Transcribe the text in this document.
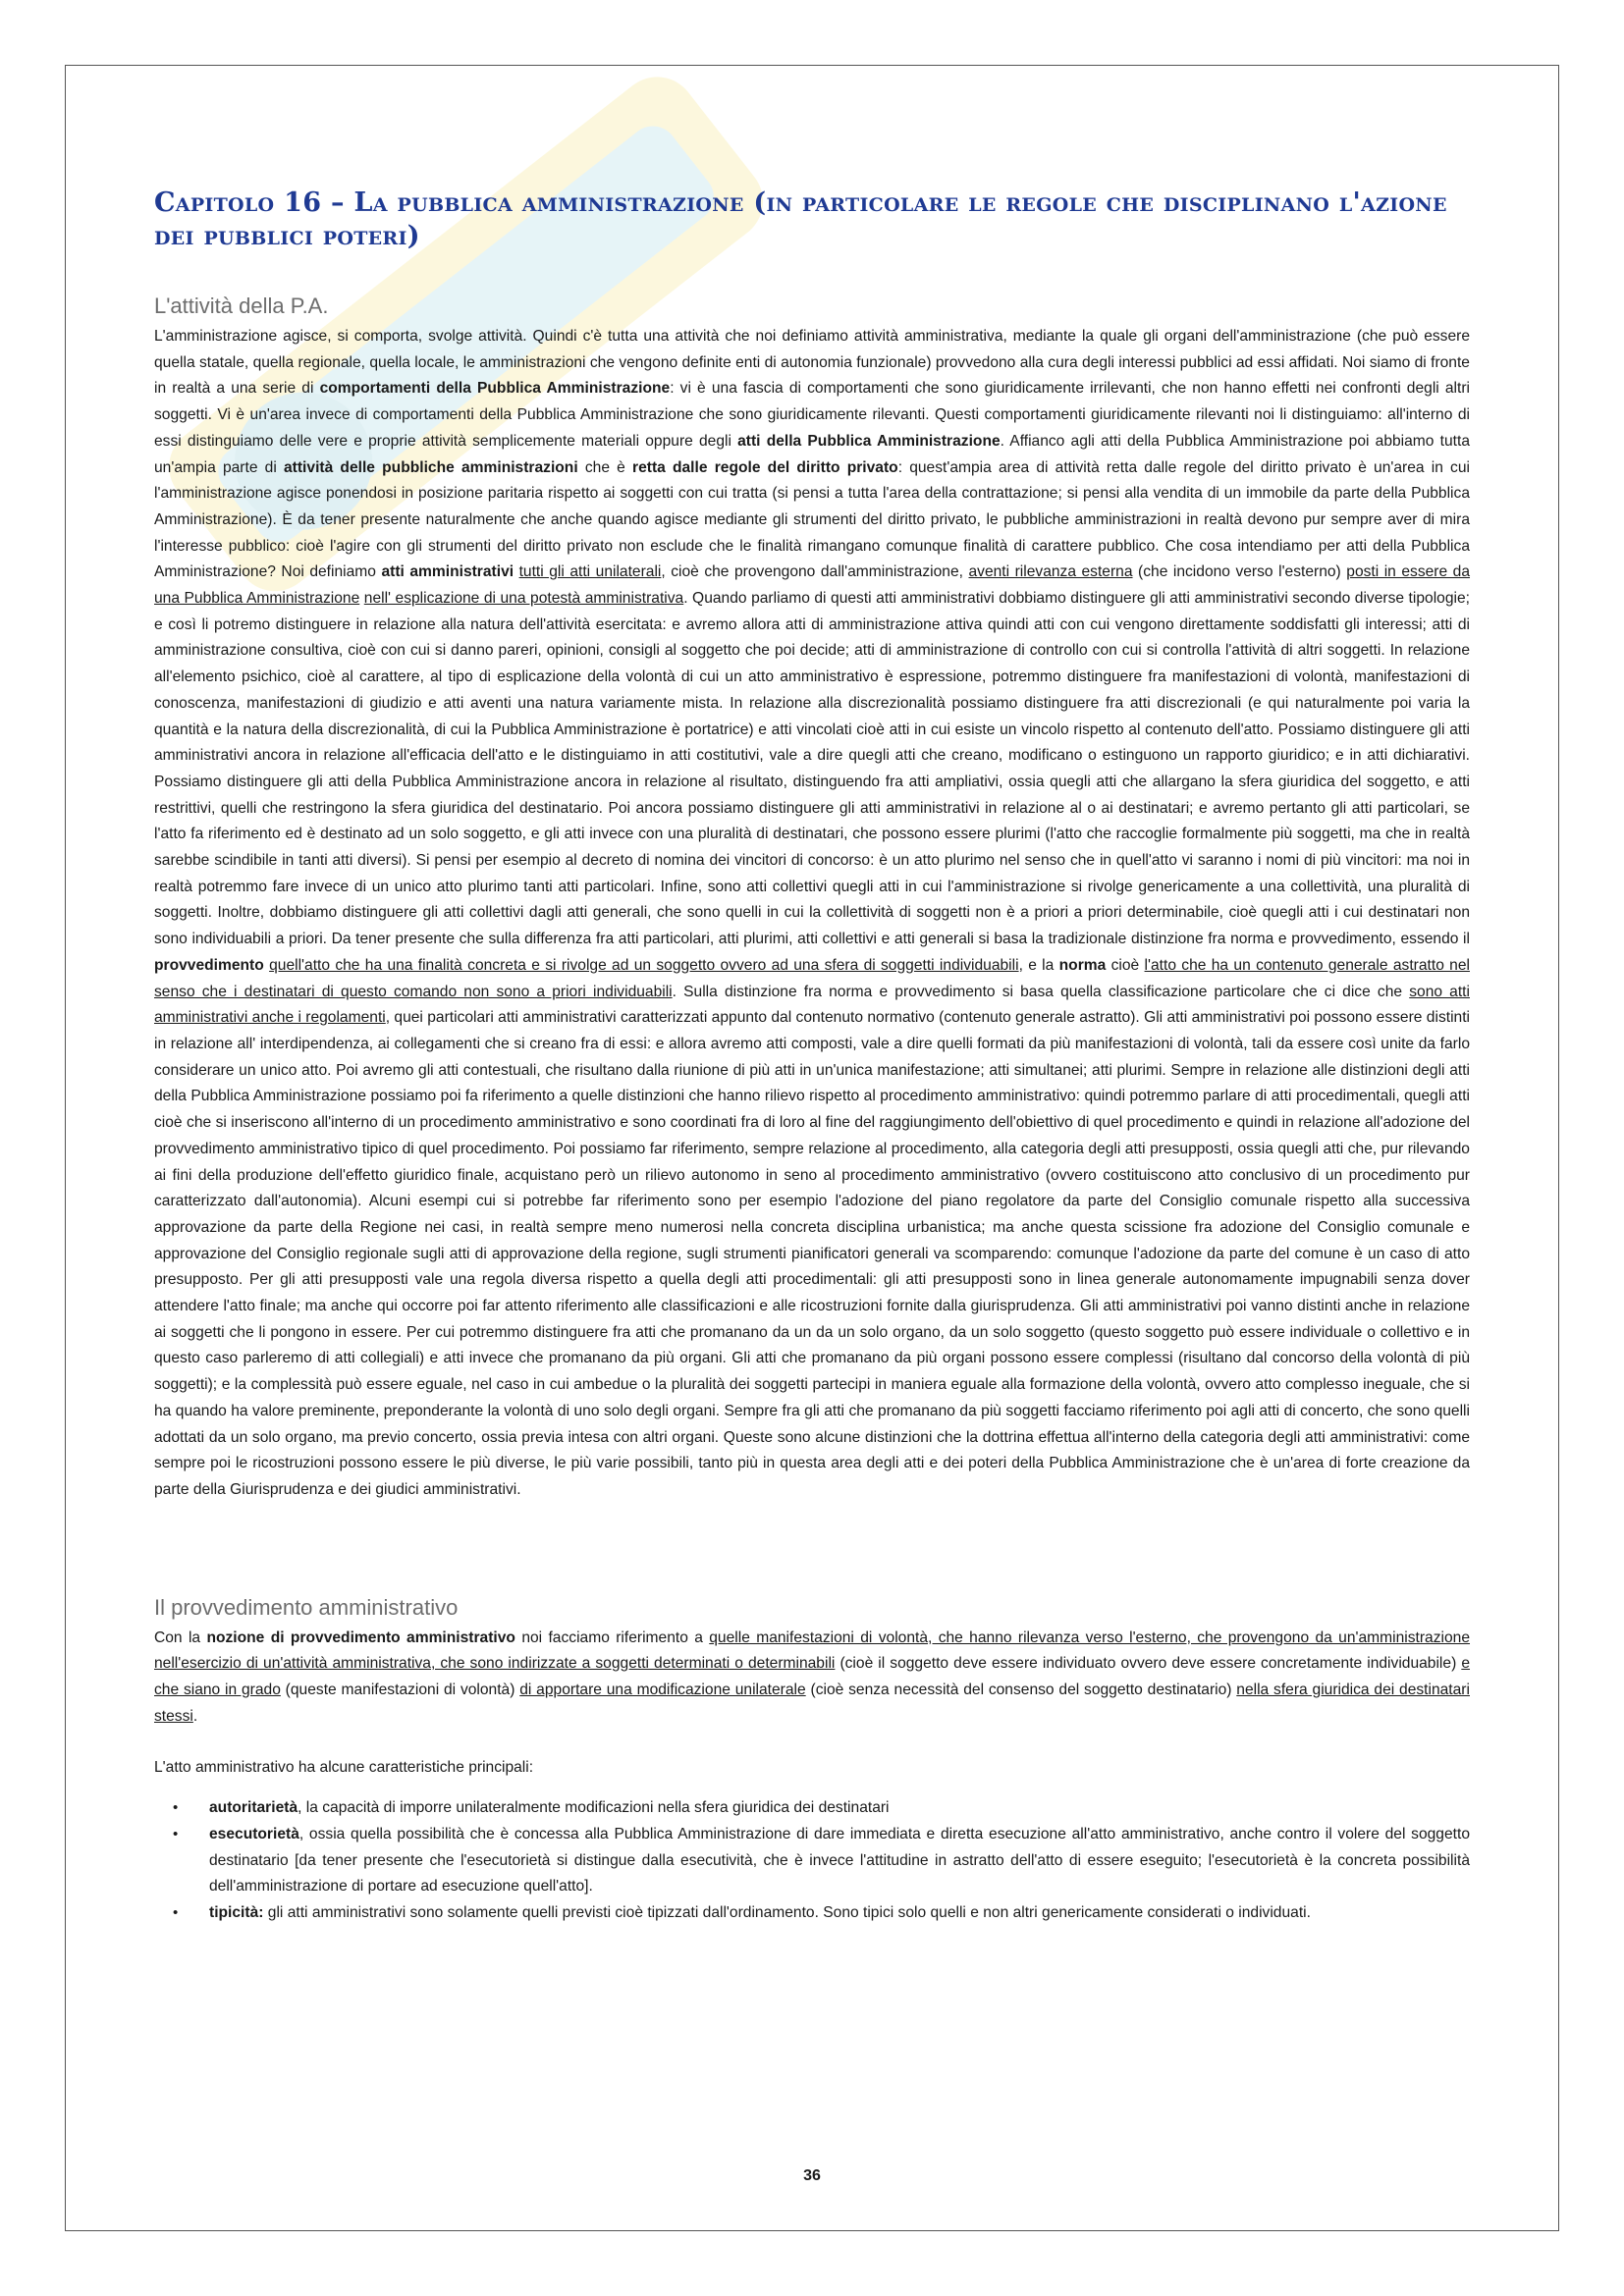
Capitolo 16 – La pubblica amministrazione (in particolare le regole che disciplinano l'azione dei pubblici poteri)
L'attività della P.A.

L'amministrazione agisce, si comporta, svolge attività. Quindi c'è tutta una attività che noi definiamo attività amministrativa, mediante la quale gli organi dell'amministrazione (che può essere quella statale, quella regionale, quella locale, le amministrazioni che vengono definite enti di autonomia funzionale) provvedono alla cura degli interessi pubblici ad essi affidati. Noi siamo di fronte in realtà a una serie di comportamenti della Pubblica Amministrazione: vi è una fascia di comportamenti che sono giuridicamente irrilevanti, che non hanno effetti nei confronti degli altri soggetti. Vi è un'area invece di comportamenti della Pubblica Amministrazione che sono giuridicamente rilevanti. Questi comportamenti giuridicamente rilevanti noi li distinguiamo: all'interno di essi distinguiamo delle vere e proprie attività semplicemente materiali oppure degli atti della Pubblica Amministrazione. Affianco agli atti della Pubblica Amministrazione poi abbiamo tutta un'ampia parte di attività delle pubbliche amministrazioni che è retta dalle regole del diritto privato: quest'ampia area di attività retta dalle regole del diritto privato è un'area in cui l'amministrazione agisce ponendosi in posizione paritaria rispetto ai soggetti con cui tratta (si pensi a tutta l'area della contrattazione; si pensi alla vendita di un immobile da parte della Pubblica Amministrazione). È da tener presente naturalmente che anche quando agisce mediante gli strumenti del diritto privato, le pubbliche amministrazioni in realtà devono pur sempre aver di mira l'interesse pubblico: cioè l'agire con gli strumenti del diritto privato non esclude che le finalità rimangano comunque finalità di carattere pubblico. Che cosa intendiamo per atti della Pubblica Amministrazione? Noi definiamo atti amministrativi tutti gli atti unilaterali, cioè che provengono dall'amministrazione, aventi rilevanza esterna (che incidono verso l'esterno) posti in essere da una Pubblica Amministrazione nell' esplicazione di una potestà amministrativa. Quando parliamo di questi atti amministrativi dobbiamo distinguere gli atti amministrativi secondo diverse tipologie; e così li potremo distinguere in relazione alla natura dell'attività esercitata: e avremo allora atti di amministrazione attiva quindi atti con cui vengono direttamente soddisfatti gli interessi; atti di amministrazione consultiva, cioè con cui si danno pareri, opinioni, consigli al soggetto che poi decide; atti di amministrazione di controllo con cui si controlla l'attività di altri soggetti. In relazione all'elemento psichico, cioè al carattere, al tipo di esplicazione della volontà di cui un atto amministrativo è espressione, potremmo distinguere fra manifestazioni di volontà, manifestazioni di conoscenza, manifestazioni di giudizio e atti aventi una natura variamente mista. In relazione alla discrezionalità possiamo distinguere fra atti discrezionali (e qui naturalmente poi varia la quantità e la natura della discrezionalità, di cui la Pubblica Amministrazione è portatrice) e atti vincolati cioè atti in cui esiste un vincolo rispetto al contenuto dell'atto. Possiamo distinguere gli atti amministrativi ancora in relazione all'efficacia dell'atto e le distinguiamo in atti costitutivi, vale a dire quegli atti che creano, modificano o estinguono un rapporto giuridico; e in atti dichiarativi. Possiamo distinguere gli atti della Pubblica Amministrazione ancora in relazione al risultato, distinguendo fra atti ampliativi, ossia quegli atti che allargano la sfera giuridica del soggetto, e atti restrittivi, quelli che restringono la sfera giuridica del destinatario. Poi ancora possiamo distinguere gli atti amministrativi in relazione al o ai destinatari; e avremo pertanto gli atti particolari, se l'atto fa riferimento ed è destinato ad un solo soggetto, e gli atti invece con una pluralità di destinatari, che possono essere plurimi (l'atto che raccoglie formalmente più soggetti, ma che in realtà sarebbe scindibile in tanti atti diversi). Si pensi per esempio al decreto di nomina dei vincitori di concorso: è un atto plurimo nel senso che in quell'atto vi saranno i nomi di più vincitori: ma noi in realtà potremmo fare invece di un unico atto plurimo tanti atti particolari. Infine, sono atti collettivi quegli atti in cui l'amministrazione si rivolge genericamente a una collettività, una pluralità di soggetti. Inoltre, dobbiamo distinguere gli atti collettivi dagli atti generali, che sono quelli in cui la collettività di soggetti non è a priori a priori determinabile, cioè quegli atti i cui destinatari non sono individuabili a priori. Da tener presente che sulla differenza fra atti particolari, atti plurimi, atti collettivi e atti generali si basa la tradizionale distinzione fra norma e provvedimento, essendo il provvedimento quell'atto che ha una finalità concreta e si rivolge ad un soggetto ovvero ad una sfera di soggetti individuabili, e la norma cioè l'atto che ha un contenuto generale astratto nel senso che i destinatari di questo comando non sono a priori individuabili. Sulla distinzione fra norma e provvedimento si basa quella classificazione particolare che ci dice che sono atti amministrativi anche i regolamenti, quei particolari atti amministrativi caratterizzati appunto dal contenuto normativo (contenuto generale astratto). Gli atti amministrativi poi possono essere distinti in relazione all' interdipendenza, ai collegamenti che si creano fra di essi: e allora avremo atti composti, vale a dire quelli formati da più manifestazioni di volontà, tali da essere così unite da farlo considerare un unico atto. Poi avremo gli atti contestuali, che risultano dalla riunione di più atti in un'unica manifestazione; atti simultanei; atti plurimi. Sempre in relazione alle distinzioni degli atti della Pubblica Amministrazione possiamo poi fa riferimento a quelle distinzioni che hanno rilievo rispetto al procedimento amministrativo: quindi potremmo parlare di atti procedimentali, quegli atti cioè che si inseriscono all'interno di un procedimento amministrativo e sono coordinati fra di loro al fine del raggiungimento dell'obiettivo di quel procedimento e quindi in relazione all'adozione del provvedimento amministrativo tipico di quel procedimento. Poi possiamo far riferimento, sempre relazione al procedimento, alla categoria degli atti presupposti, ossia quegli atti che, pur rilevando ai fini della produzione dell'effetto giuridico finale, acquistano però un rilievo autonomo in seno al procedimento amministrativo (ovvero costituiscono atto conclusivo di un procedimento pur caratterizzato dall'autonomia). Alcuni esempi cui si potrebbe far riferimento sono per esempio l'adozione del piano regolatore da parte del Consiglio comunale rispetto alla successiva approvazione da parte della Regione nei casi, in realtà sempre meno numerosi nella concreta disciplina urbanistica; ma anche questa scissione fra adozione del Consiglio comunale e approvazione del Consiglio regionale sugli atti di approvazione della regione, sugli strumenti pianificatori generali va scomparendo: comunque l'adozione da parte del comune è un caso di atto presupposto. Per gli atti presupposti vale una regola diversa rispetto a quella degli atti procedimentali: gli atti presupposti sono in linea generale autonomamente impugnabili senza dover attendere l'atto finale; ma anche qui occorre poi far attento riferimento alle classificazioni e alle ricostruzioni fornite dalla giurisprudenza. Gli atti amministrativi poi vanno distinti anche in relazione ai soggetti che li pongono in essere. Per cui potremmo distinguere fra atti che promanano da un da un solo organo, da un solo soggetto (questo soggetto può essere individuale o collettivo e in questo caso parleremo di atti collegiali) e atti invece che promanano da più organi. Gli atti che promanano da più organi possono essere complessi (risultano dal concorso della volontà di più soggetti); e la complessità può essere eguale, nel caso in cui ambedue o la pluralità dei soggetti partecipi in maniera eguale alla formazione della volontà, ovvero atto complesso ineguale, che si ha quando ha valore preminente, preponderante la volontà di uno solo degli organi. Sempre fra gli atti che promanano da più soggetti facciamo riferimento poi agli atti di concerto, che sono quelli adottati da un solo organo, ma previo concerto, ossia previa intesa con altri organi. Queste sono alcune distinzioni che la dottrina effettua all'interno della categoria degli atti amministrativi: come sempre poi le ricostruzioni possono essere le più diverse, le più varie possibili, tanto più in questa area degli atti e dei poteri della Pubblica Amministrazione che è un'area di forte creazione da parte della Giurisprudenza e dei giudici amministrativi.

Il provvedimento amministrativo

Con la nozione di provvedimento amministrativo noi facciamo riferimento a quelle manifestazioni di volontà, che hanno rilevanza verso l'esterno, che provengono da un'amministrazione nell'esercizio di un'attività amministrativa, che sono indirizzate a soggetti determinati o determinabili (cioè il soggetto deve essere individuato ovvero deve essere concretamente individuabile) e che siano in grado (queste manifestazioni di volontà) di apportare una modificazione unilaterale (cioè senza necessità del consenso del soggetto destinatario) nella sfera giuridica dei destinatari stessi.

L'atto amministrativo ha alcune caratteristiche principali:

• autoritarietà, la capacità di imporre unilateralmente modificazioni nella sfera giuridica dei destinatari
• esecutorietà, ossia quella possibilità che è concessa alla Pubblica Amministrazione di dare immediata e diretta esecuzione all'atto amministrativo, anche contro il volere del soggetto destinatario [da tener presente che l'esecutorietà si distingue dalla esecutività, che è invece l'attitudine in astratto dell'atto di essere eseguito; l'esecutorietà è la concreta possibilità dell'amministrazione di portare ad esecuzione quell'atto].
• tipicità: gli atti amministrativi sono solamente quelli previsti cioè tipizzati dall'ordinamento. Sono tipici solo quelli e non altri genericamente considerati o individuati.
36
